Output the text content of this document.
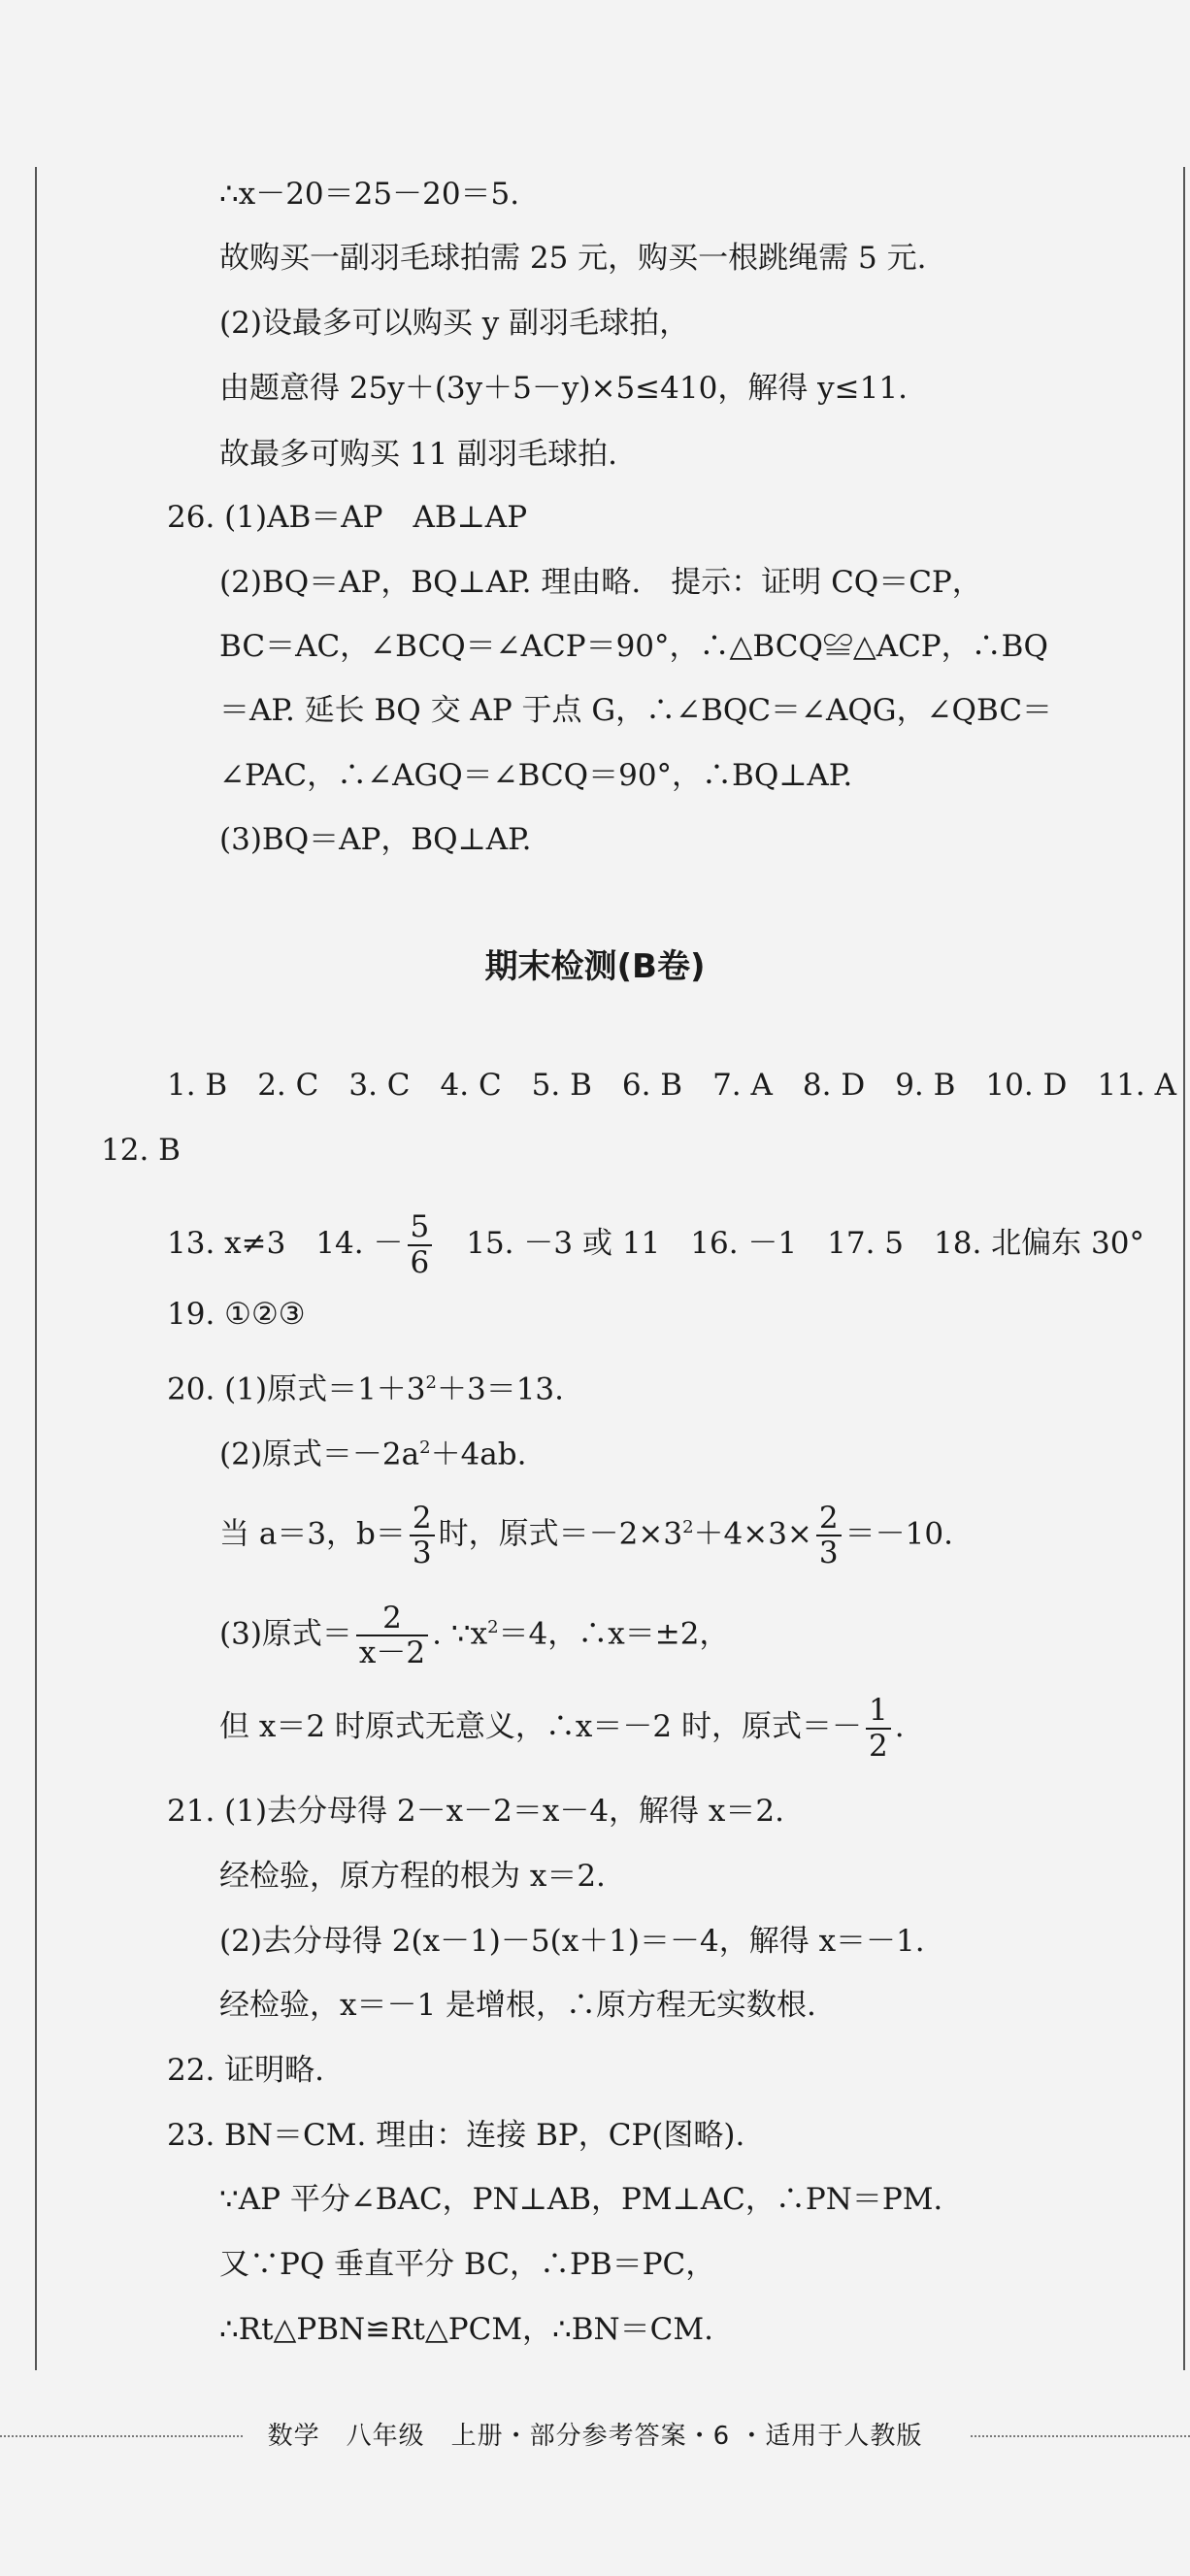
∴x－20＝25－20＝5.
故购买一副羽毛球拍需 25 元，购买一根跳绳需 5 元.
(2)设最多可以购买 y 副羽毛球拍，
由题意得 25y＋(3y＋5－y)×5≤410，解得 y≤11.
故最多可购买 11 副羽毛球拍.
26. (1)AB＝AP　AB⊥AP
(2)BQ＝AP，BQ⊥AP. 理由略.　提示：证明 CQ＝CP，
BC＝AC，∠BCQ＝∠ACP＝90°，∴△BCQ≌△ACP，∴BQ
＝AP. 延长 BQ 交 AP 于点 G，∴∠BQC＝∠AQG，∠QBC＝
∠PAC，∴∠AGQ＝∠BCQ＝90°，∴BQ⊥AP.
(3)BQ＝AP，BQ⊥AP.
期末检测(B卷)
1. B　2. C　3. C　4. C　5. B　6. B　7. A　8. D　9. B　10. D　11. A
12. B
13. x≠3　14. － $\frac{5}{6}$ 　15. －3 或 11　16. －1　17. 5　18. 北偏东 30°
19. ①②③
20. (1)原式$=1+3^2+3=13$.
(2)原式$=-2a^2+4ab$.
当 a＝3，$b= \frac{2}{3}$ 时，原式$=-2\times 3^2+4\times 3\times \frac{2}{3} =-10$.
(3)原式＝ $\frac{2}{x-2}$ . $\because x^2=4$，∴x＝±2，
但 x＝2 时原式无意义，∴x＝－2 时，原式＝－ $\frac{1}{2}$ .
21. (1)去分母得 2－x－2＝x－4，解得 x＝2.
经检验，原方程的根为 x＝2.
(2)去分母得 2(x－1)－5(x＋1)＝－4，解得 x＝－1.
经检验，x＝－1 是增根，∴原方程无实数根.
22. 证明略.
23. BN＝CM. 理由：连接 BP，CP(图略).
∵AP 平分∠BAC，PN⊥AB，PM⊥AC，∴PN＝PM.
又∵PQ 垂直平分 BC，∴PB＝PC，
∴Rt△PBN≌Rt△PCM，∴BN＝CM.
数学　八年级　上册・部分参考答案・6 ・适用于人教版
